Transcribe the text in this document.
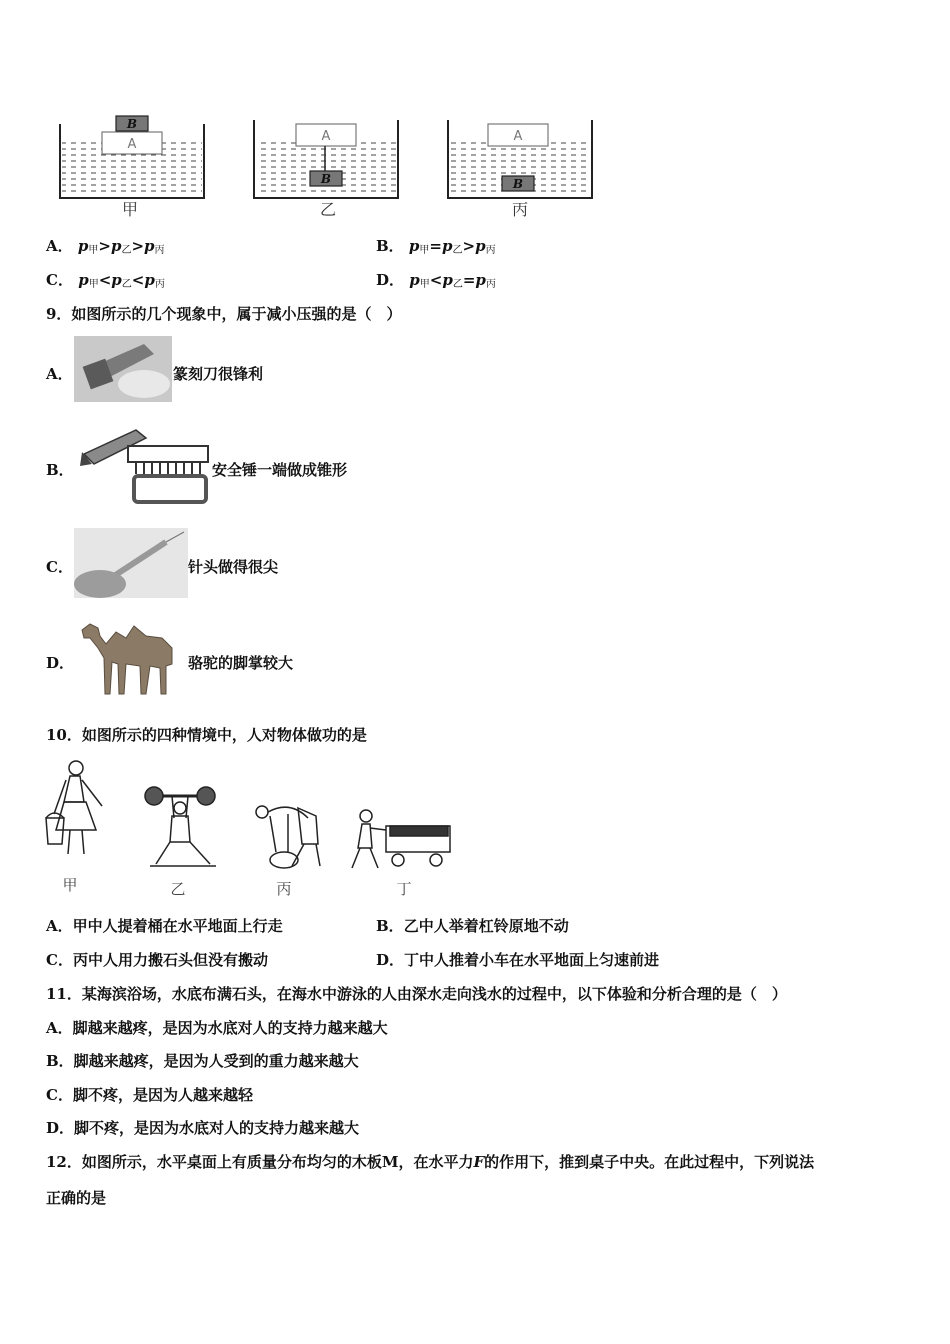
A
B
甲
A
B
乙
A
B
丙
A． $p_甲>p_乙>p_丙$	B． $p_甲=p_乙>p_丙$
C． $p_甲<p_乙<p_丙$	D． $p_甲<p_乙=p_丙$
9．如图所示的几个现象中，属于减小压强的是（　）
A．	篆刻刀很锋利
B．	安全锤一端做成锥形
C．	针头做得很尖
D．	骆驼的脚掌较大
10．如图所示的四种情境中，人对物体做功的是
甲	乙	丙	丁
A．甲中人提着桶在水平地面上行走	B．乙中人举着杠铃原地不动
C．丙中人用力搬石头但没有搬动	D．丁中人推着小车在水平地面上匀速前进
11．某海滨浴场，水底布满石头，在海水中游泳的人由深水走向浅水的过程中，以下体验和分析合理的是（　）
A．脚越来越疼，是因为水底对人的支持力越来越大
B．脚越来越疼，是因为人受到的重力越来越大
C．脚不疼，是因为人越来越轻
D．脚不疼，是因为水底对人的支持力越来越大
12．如图所示，水平桌面上有质量分布均匀的木板M，在水平力F的作用下，推到桌子中央。在此过程中，下列说法
正确的是
